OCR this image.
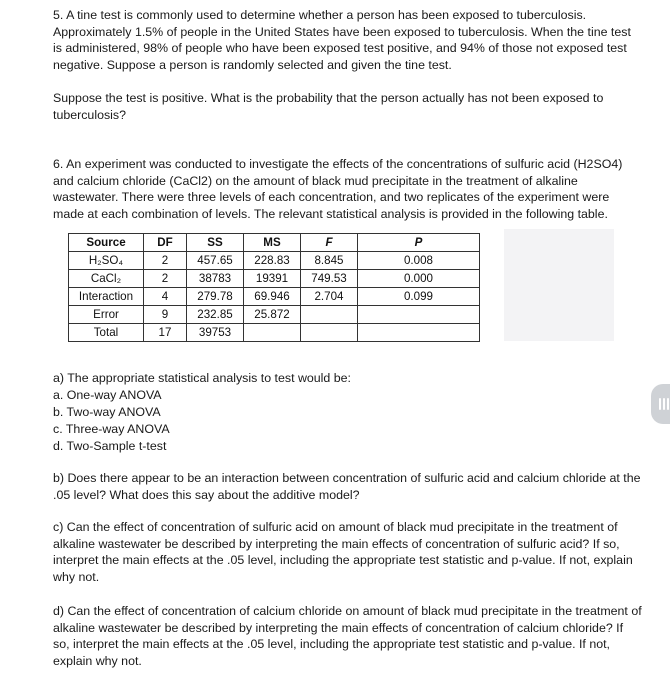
5. A tine test is commonly used to determine whether a person has been exposed to tuberculosis. Approximately 1.5% of people in the United States have been exposed to tuberculosis. When the tine test is administered, 98% of people who have been exposed test positive, and 94% of those not exposed test negative. Suppose a person is randomly selected and given the tine test.

Suppose the test is positive. What is the probability that the person actually has not been exposed to tuberculosis?

6. An experiment was conducted to investigate the effects of the concentrations of sulfuric acid (H2SO4) and calcium chloride (CaCl2) on the amount of black mud precipitate in the treatment of alkaline wastewater. There were three levels of each concentration, and two replicates of the experiment were made at each combination of levels. The relevant statistical analysis is provided in the following table.

Source	DF	SS	MS	F	P
H₂SO₄	2	457.65	228.83	8.845	0.008
CaCl₂	2	38783	19391	749.53	0.000
Interaction	4	279.78	69.946	2.704	0.099
Error	9	232.85	25.872		
Total	17	39753			

a) The appropriate statistical analysis to test would be:

a. One-way ANOVA

b. Two-way ANOVA

c. Three-way ANOVA

d. Two-Sample t-test

b) Does there appear to be an interaction between concentration of sulfuric acid and calcium chloride at the .05 level? What does this say about the additive model?

c) Can the effect of concentration of sulfuric acid on amount of black mud precipitate in the treatment of alkaline wastewater be described by interpreting the main effects of concentration of sulfuric acid? If so, interpret the main effects at the .05 level, including the appropriate test statistic and p-value. If not, explain why not.

d) Can the effect of concentration of calcium chloride on amount of black mud precipitate in the treatment of alkaline wastewater be described by interpreting the main effects of concentration of calcium chloride? If so, interpret the main effects at the .05 level, including the appropriate test statistic and p-value. If not, explain why not.
